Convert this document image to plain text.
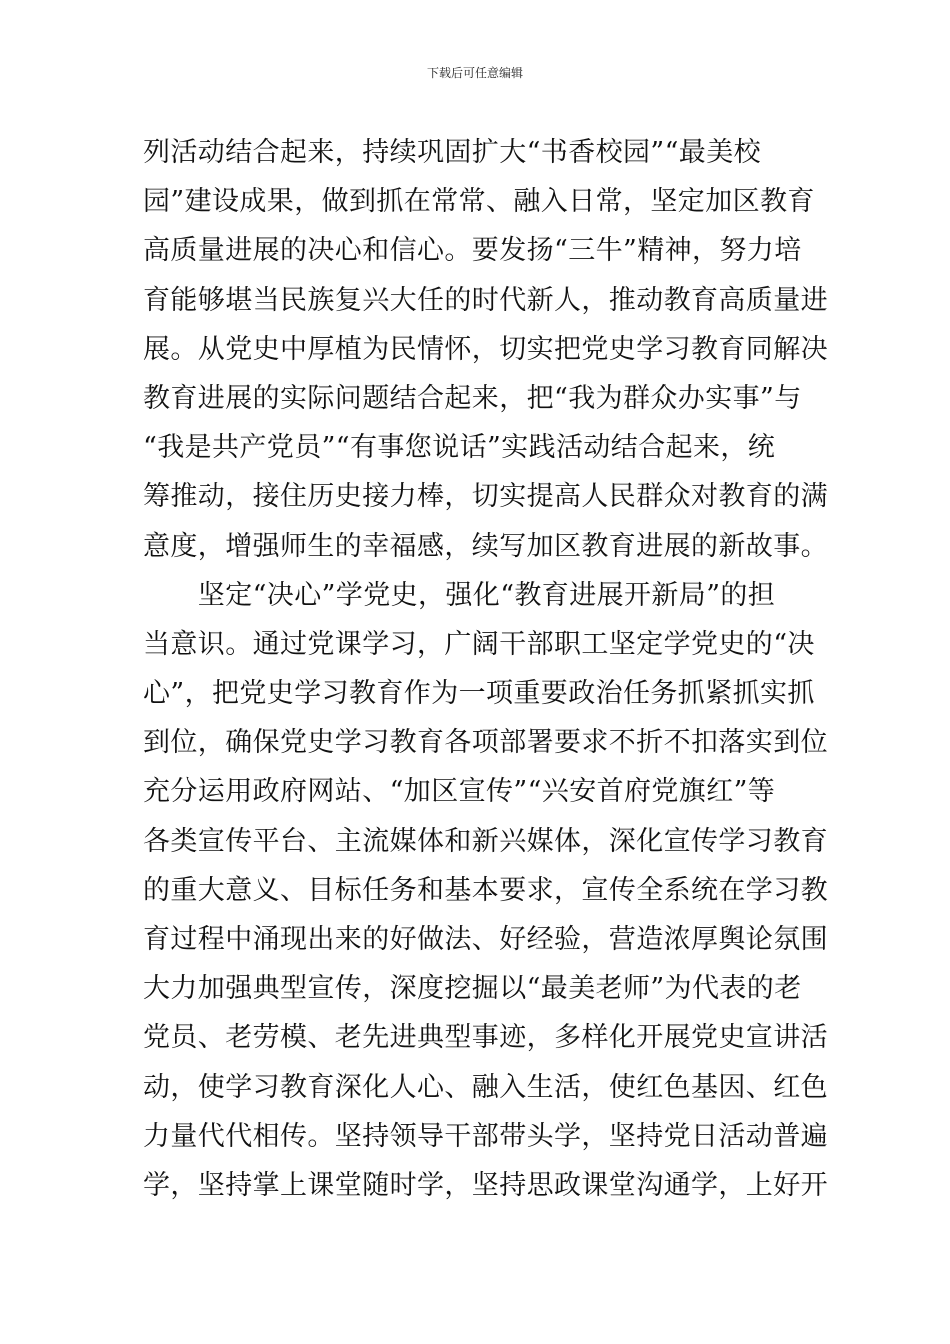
下载后可任意编辑
列活动结合起来，持续巩固扩大“书香校园”“最美校
园”建设成果，做到抓在常常、融入日常，坚定加区教育
高质量进展的决心和信心。要发扬“三牛”精神，努力培
育能够堪当民族复兴大任的时代新人，推动教育高质量进
展。从党史中厚植为民情怀，切实把党史学习教育同解决
教育进展的实际问题结合起来，把“我为群众办实事”与
“我是共产党员”“有事您说话”实践活动结合起来，统
筹推动，接住历史接力棒，切实提高人民群众对教育的满
意度，增强师生的幸福感，续写加区教育进展的新故事。
　　坚定“决心”学党史，强化“教育进展开新局”的担
当意识。通过党课学习，广阔干部职工坚定学党史的“决
心”，把党史学习教育作为一项重要政治任务抓紧抓实抓
到位，确保党史学习教育各项部署要求不折不扣落实到位
充分运用政府网站、“加区宣传”“兴安首府党旗红”等
各类宣传平台、主流媒体和新兴媒体，深化宣传学习教育
的重大意义、目标任务和基本要求，宣传全系统在学习教
育过程中涌现出来的好做法、好经验，营造浓厚舆论氛围
大力加强典型宣传，深度挖掘以“最美老师”为代表的老
党员、老劳模、老先进典型事迹，多样化开展党史宣讲活
动，使学习教育深化人心、融入生活，使红色基因、红色
力量代代相传。坚持领导干部带头学，坚持党日活动普遍
学，坚持掌上课堂随时学，坚持思政课堂沟通学，上好开
